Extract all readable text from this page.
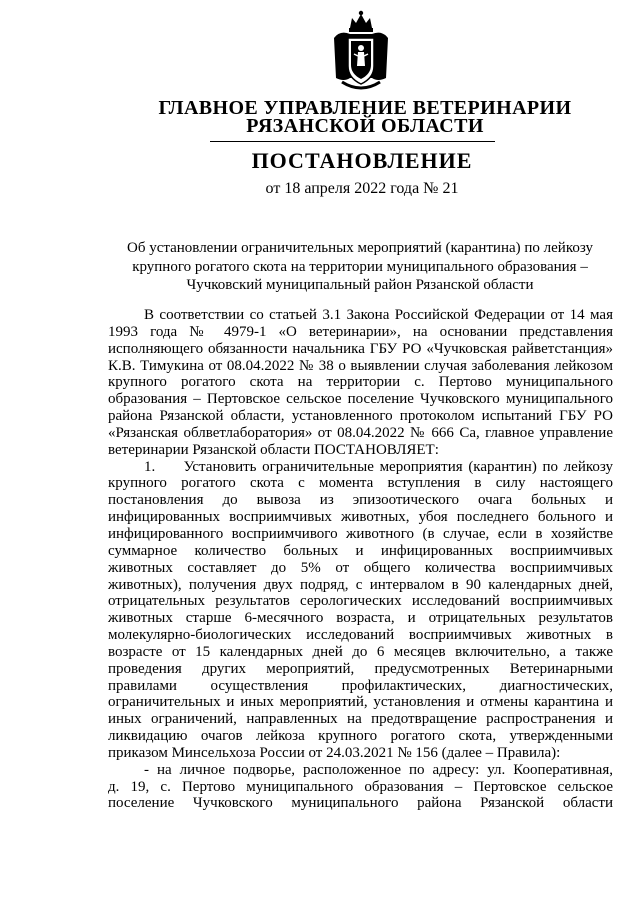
ГЛАВНОЕ УПРАВЛЕНИЕ ВЕТЕРИНАРИИ
РЯЗАНСКОЙ ОБЛАСТИ
ПОСТАНОВЛЕНИЕ
от 18 апреля 2022 года № 21
Об установлении ограничительных мероприятий (карантина) по лейкозу
крупного рогатого скота на территории муниципального образования –
Чучковский муниципальный район Рязанской области
В соответствии со статьей 3.1 Закона Российской Федерации от 14 мая
1993 года № 4979-1 «О ветеринарии», на основании представления
исполняющего обязанности начальника ГБУ РО «Чучковская райветстанция»
К.В. Тимукина от 08.04.2022 № 38 о выявлении случая заболевания лейкозом
крупного рогатого скота на территории с. Пертово муниципального
образования – Пертовское сельское поселение Чучковского муниципального
района Рязанской области, установленного протоколом испытаний ГБУ РО
«Рязанская облветлаборатория» от 08.04.2022 № 666 Са, главное управление
ветеринарии Рязанской области ПОСТАНОВЛЯЕТ:
1.     Установить ограничительные мероприятия (карантин) по лейкозу
крупного рогатого скота с момента вступления в силу настоящего
постановления до вывоза из эпизоотического очага больных и
инфицированных восприимчивых животных, убоя последнего больного и
инфицированного восприимчивого животного (в случае, если в хозяйстве
суммарное количество больных и инфицированных восприимчивых
животных составляет до 5% от общего количества восприимчивых
животных), получения двух подряд, с интервалом в 90 календарных дней,
отрицательных результатов серологических исследований восприимчивых
животных старше 6-месячного возраста, и отрицательных результатов
молекулярно-биологических исследований восприимчивых животных в
возрасте от 15 календарных дней до 6 месяцев включительно, а также
проведения других мероприятий, предусмотренных Ветеринарными
правилами осуществления профилактических, диагностических,
ограничительных и иных мероприятий, установления и отмены карантина и
иных ограничений, направленных на предотвращение распространения и
ликвидацию очагов лейкоза крупного рогатого скота, утвержденными
приказом Минсельхоза России от 24.03.2021 № 156 (далее – Правила):
- на личное подворье, расположенное по адресу: ул. Кооперативная,
д. 19, с. Пертово муниципального образования – Пертовское сельское
поселение Чучковского муниципального района Рязанской области
